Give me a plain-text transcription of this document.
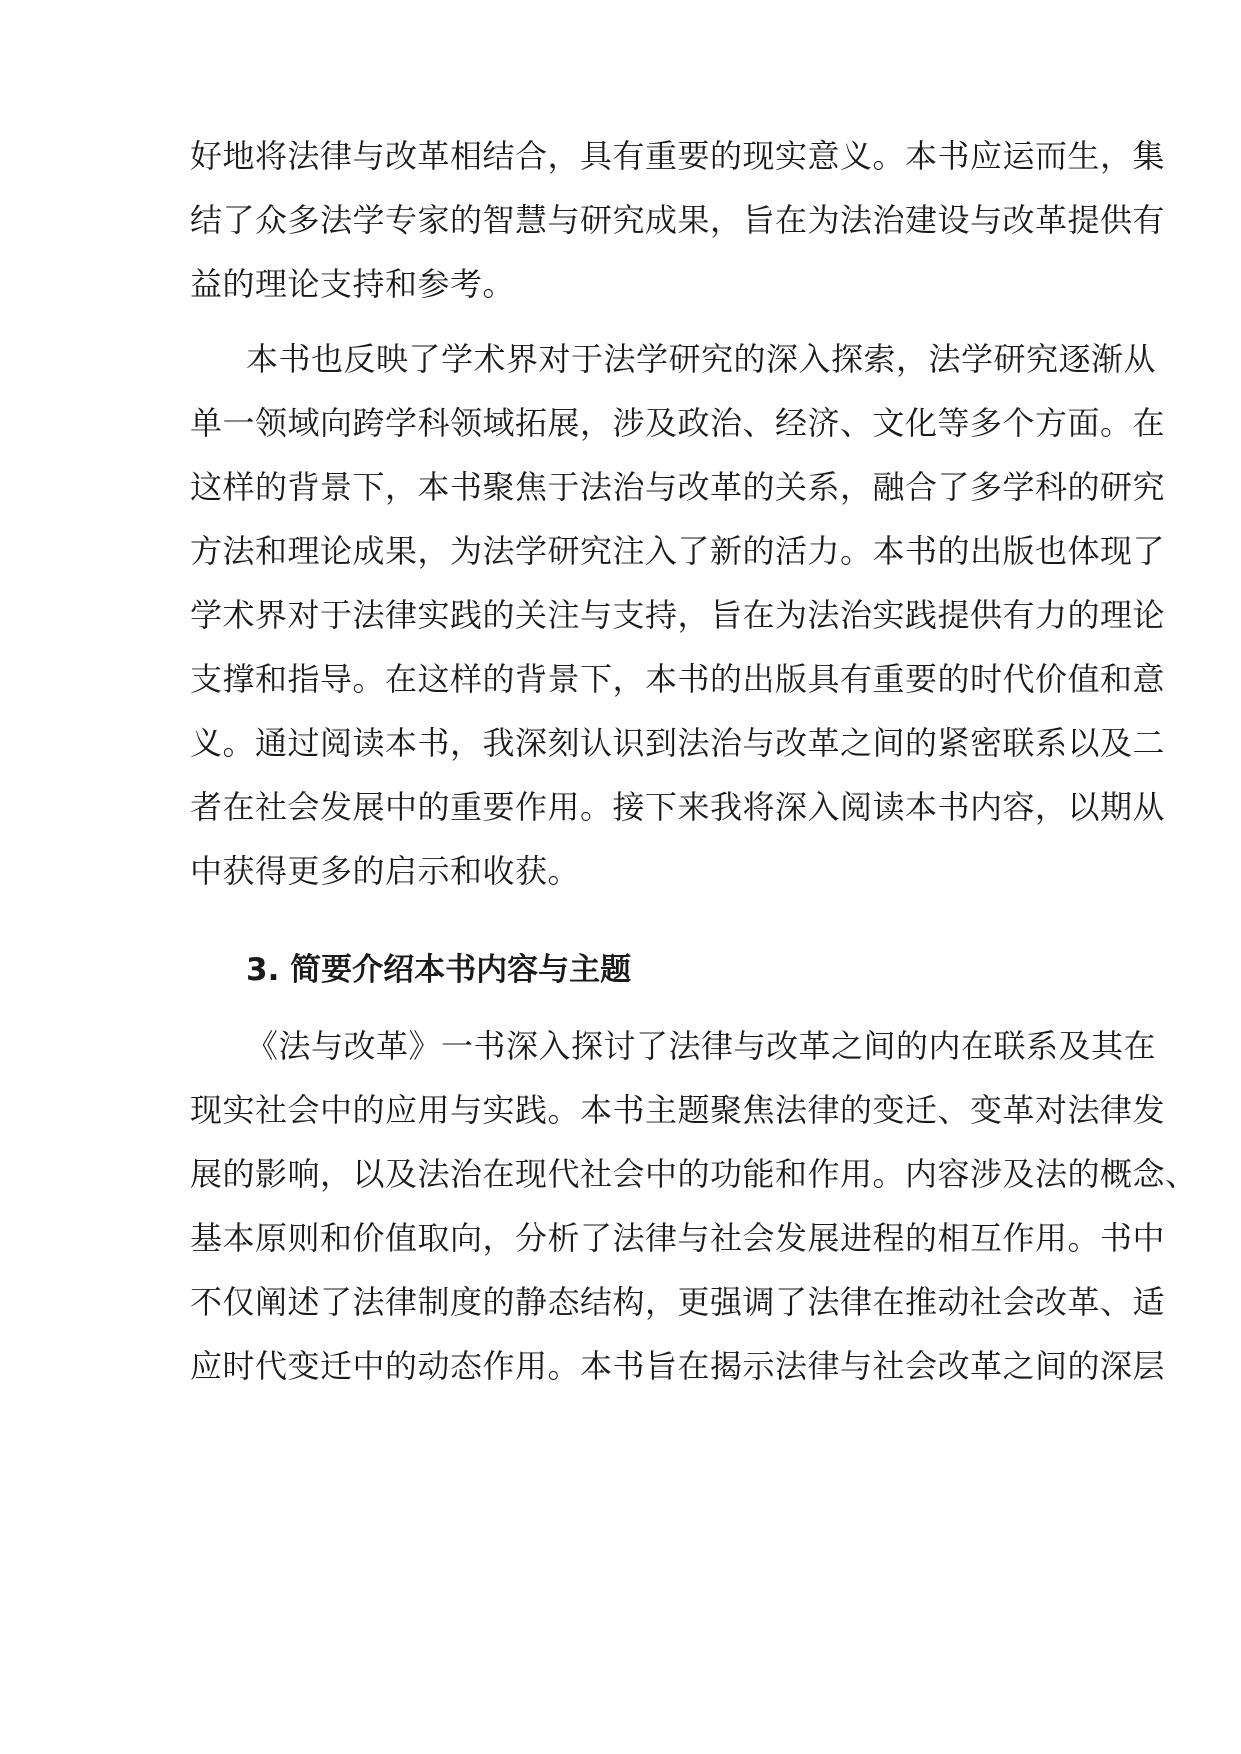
好地将法律与改革相结合，具有重要的现实意义。本书应运而生，集
结了众多法学专家的智慧与研究成果，旨在为法治建设与改革提供有
益的理论支持和参考。
本书也反映了学术界对于法学研究的深入探索，法学研究逐渐从
单一领域向跨学科领域拓展，涉及政治、经济、文化等多个方面。在
这样的背景下，本书聚焦于法治与改革的关系，融合了多学科的研究
方法和理论成果，为法学研究注入了新的活力。本书的出版也体现了
学术界对于法律实践的关注与支持，旨在为法治实践提供有力的理论
支撑和指导。在这样的背景下，本书的出版具有重要的时代价值和意
义。通过阅读本书，我深刻认识到法治与改革之间的紧密联系以及二
者在社会发展中的重要作用。接下来我将深入阅读本书内容，以期从
中获得更多的启示和收获。
3. 简要介绍本书内容与主题
《法与改革》一书深入探讨了法律与改革之间的内在联系及其在
现实社会中的应用与实践。本书主题聚焦法律的变迁、变革对法律发
展的影响，以及法治在现代社会中的功能和作用。内容涉及法的概念、
基本原则和价值取向，分析了法律与社会发展进程的相互作用。书中
不仅阐述了法律制度的静态结构，更强调了法律在推动社会改革、适
应时代变迁中的动态作用。本书旨在揭示法律与社会改革之间的深层
